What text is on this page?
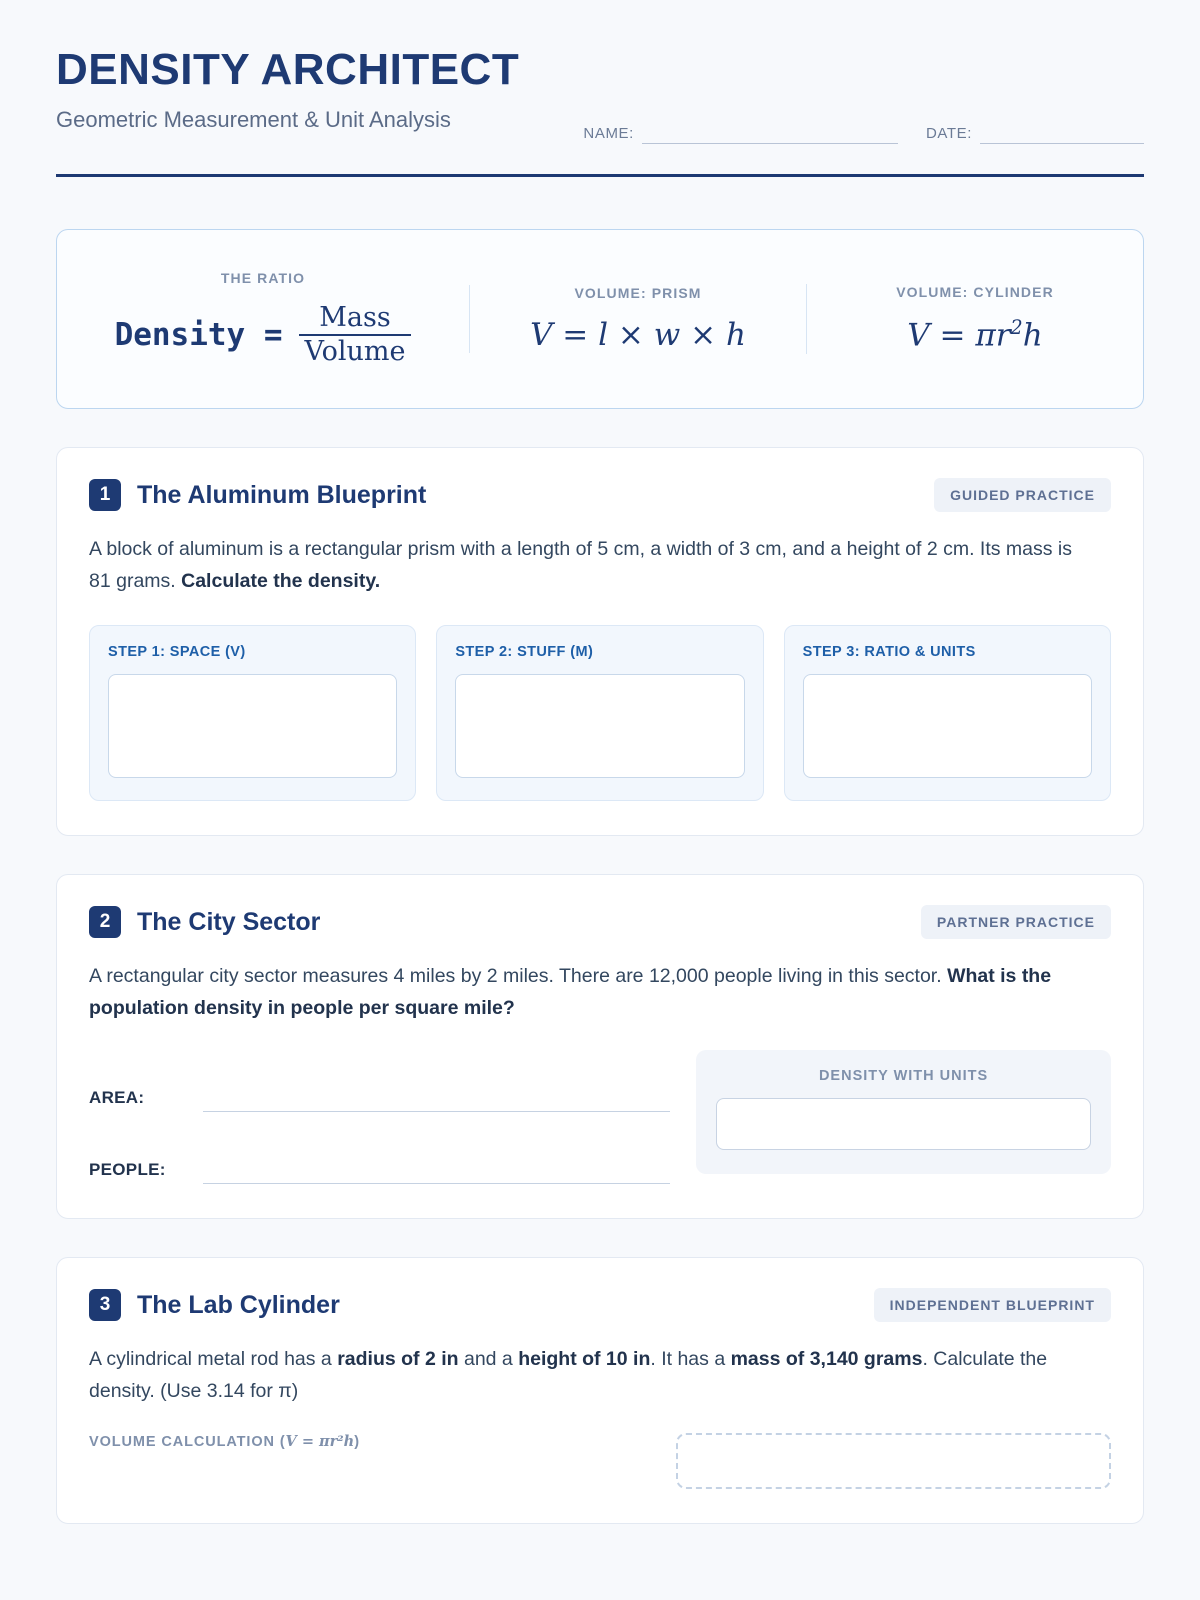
DENSITY ARCHITECT
Geometric Measurement & Unit Analysis
NAME:	DATE:
THE RATIO
Density = $\frac{\text{Mass}}{\text{Volume}}$
VOLUME: PRISM
V = l × w × h
VOLUME: CYLINDER
$V = \pi r^2h$
1	The Aluminum Blueprint	GUIDED PRACTICE
A block of aluminum is a rectangular prism with a length of 5 cm, a width of 3 cm, and a height of 2 cm. Its mass is 81 grams. Calculate the density.
STEP 1: SPACE (V)	STEP 2: STUFF (M)	STEP 3: RATIO & UNITS
2	The City Sector	PARTNER PRACTICE
A rectangular city sector measures 4 miles by 2 miles. There are 12,000 people living in this sector. What is the population density in people per square mile?
AREA:
PEOPLE:
DENSITY WITH UNITS
3	The Lab Cylinder	INDEPENDENT BLUEPRINT
A cylindrical metal rod has a radius of 2 in and a height of 10 in. It has a mass of 3,140 grams. Calculate the density. (Use 3.14 for π)
VOLUME CALCULATION (V = πr²h)
